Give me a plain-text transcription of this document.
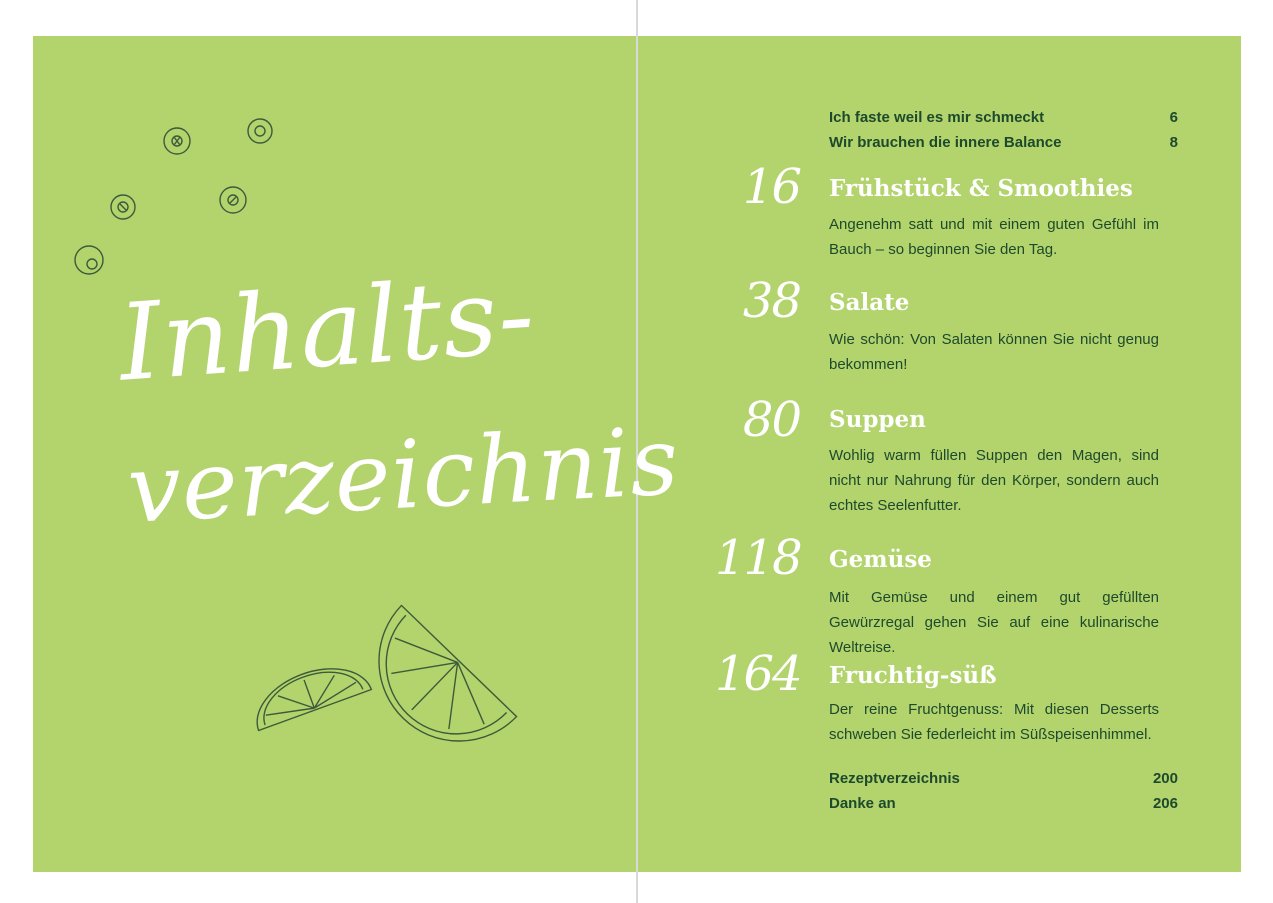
Inhalts-
verzeichnis
Ich faste weil es mir schmeckt	6
Wir brauchen die innere Balance	8
16 Frühstück & Smoothies
Angenehm satt und mit einem guten Gefühl im Bauch – so beginnen Sie den Tag.
38 Salate
Wie schön: Von Salaten können Sie nicht genug bekommen!
80 Suppen
Wohlig warm füllen Suppen den Magen, sind nicht nur Nahrung für den Körper, sondern auch echtes Seelenfutter.
118 Gemüse
Mit Gemüse und einem gut gefüllten Gewürzregal gehen Sie auf eine kulinarische Weltreise.
164 Fruchtig-süß
Der reine Fruchtgenuss: Mit diesen Desserts schweben Sie federleicht im Süßspeisenhimmel.
Rezeptverzeichnis	200
Danke an	206
